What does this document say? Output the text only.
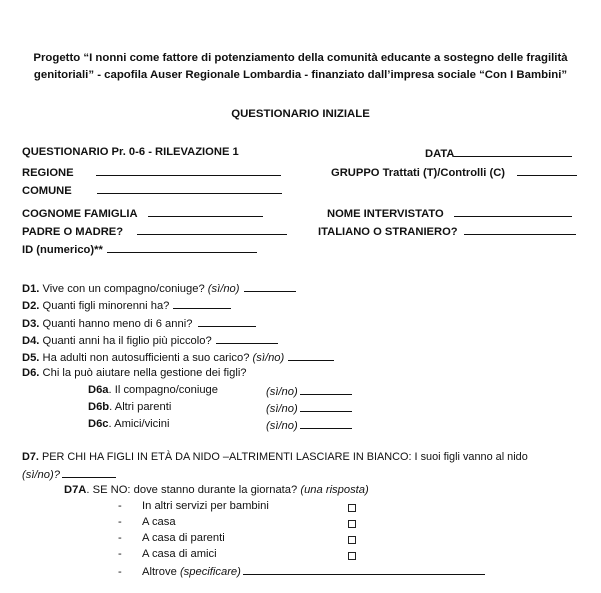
Progetto “I nonni come fattore di potenziamento della comunità educante a sostegno delle fragilità
genitoriali” - capofila Auser Regionale Lombardia - finanziato dall’impresa sociale “Con I Bambini”
QUESTIONARIO INIZIALE
QUESTIONARIO Pr. 0-6 - RILEVAZIONE 1	DATA
REGIONE	GRUPPO Trattati (T)/Controlli (C)
COMUNE
COGNOME FAMIGLIA	NOME INTERVISTATO
PADRE O MADRE?	ITALIANO O STRANIERO?
ID (numerico)**
D1. Vive con un compagno/coniuge? (sì/no)
D2. Quanti figli minorenni ha?
D3. Quanti hanno meno di 6 anni?
D4. Quanti anni ha il figlio più piccolo?
D5. Ha adulti non autosufficienti a suo carico? (sì/no)
D6. Chi la può aiutare nella gestione dei figli?
D6a. Il compagno/coniuge	(sì/no)
D6b. Altri parenti	(sì/no)
D6c. Amici/vicini	(sì/no)
D7. PER CHI HA FIGLI IN ETÀ DA NIDO –ALTRIMENTI LASCIARE IN BIANCO: I suoi figli vanno al nido
(sì/no)?
D7A. SE NO: dove stanno durante la giornata? (una risposta)
- In altri servizi per bambini
- A casa
- A casa di parenti
- A casa di amici
- Altrove (specificare)
